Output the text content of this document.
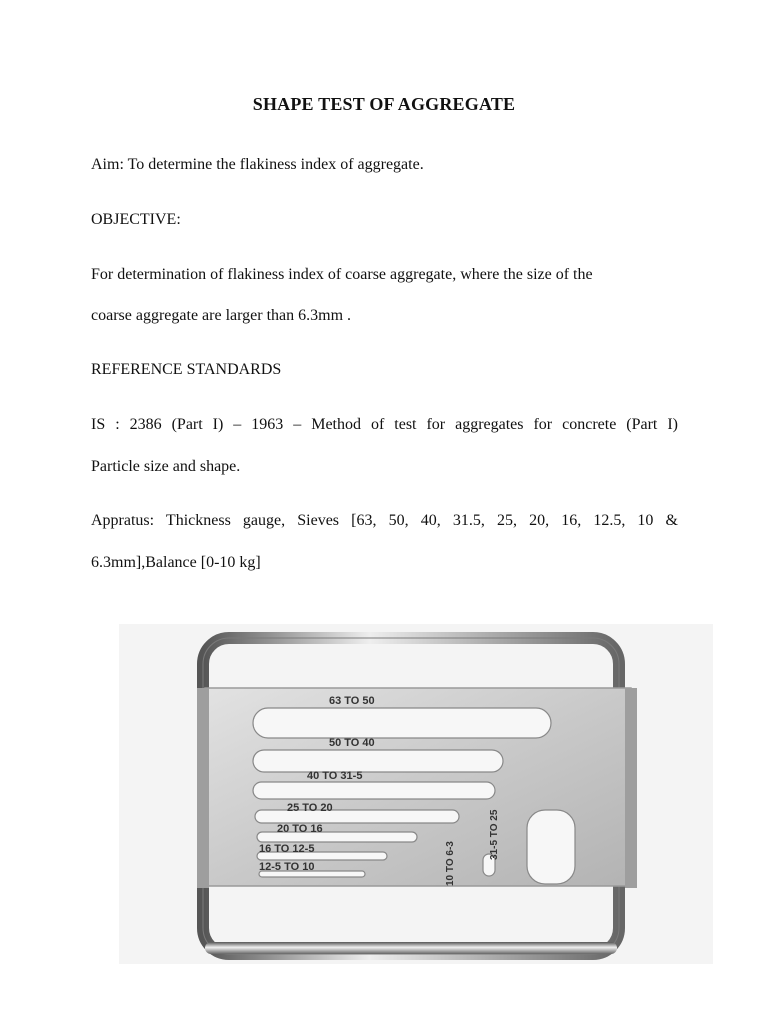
SHAPE TEST OF AGGREGATE
Aim: To determine the flakiness index of aggregate.
OBJECTIVE:
For determination of flakiness index of coarse aggregate, where the size of the
coarse aggregate are larger than 6.3mm .
REFERENCE STANDARDS
IS : 2386 (Part I) – 1963 – Method of test for aggregates for concrete (Part I)
Particle size and shape.
Appratus: Thickness gauge, Sieves [63, 50, 40, 31.5, 25, 20, 16, 12.5, 10 &
6.3mm],Balance [0-10 kg]
63 TO 50
50 TO 40
40 TO 31-5
25 TO 20
20 TO 16
16 TO 12-5
12-5 TO 10	10 TO 6-3
31-5 TO 25
